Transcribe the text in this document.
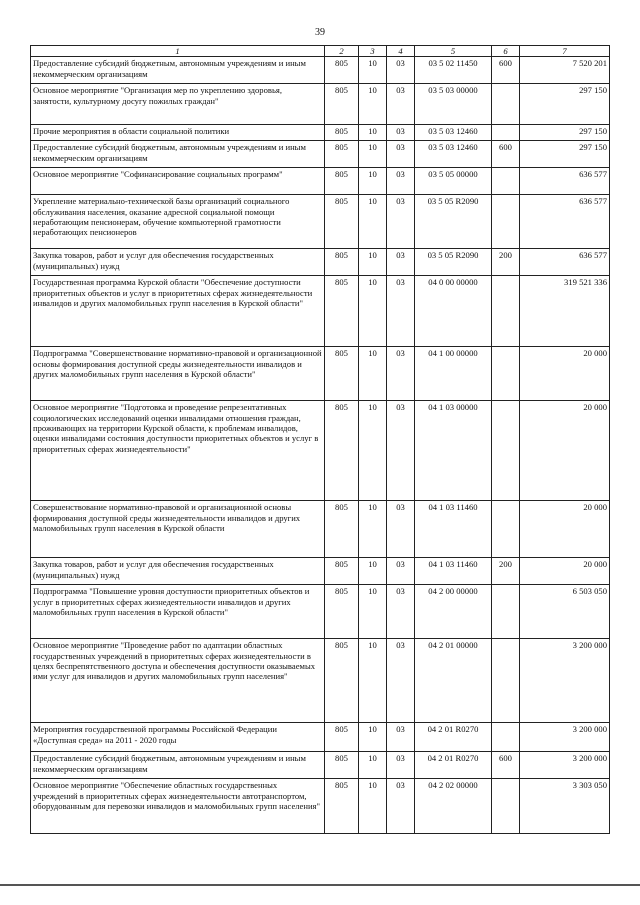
39
1	2	3	4	5	6	7
Предоставление субсидий бюджетным, автономным учреждениям и иным некоммерческим организациям	805	10	03	03 5 02 11450	600	7 520 201
Основное мероприятие "Организация мер по укреплению здоровья, занятости, культурному досугу пожилых граждан"	805	10	03	03 5 03 00000		297 150
Прочие мероприятия в области социальной политики	805	10	03	03 5 03 12460		297 150
Предоставление субсидий бюджетным, автономным учреждениям и иным некоммерческим организациям	805	10	03	03 5 03 12460	600	297 150
Основное мероприятие "Софинансирование социальных программ"	805	10	03	03 5 05 00000		636 577
Укрепление материально-технической базы организаций социального обслуживания населения, оказание адресной социальной помощи неработающим пенсионерам, обучение компьютерной грамотности неработающих пенсионеров	805	10	03	03 5 05 R2090		636 577
Закупка товаров, работ и услуг для обеспечения государственных (муниципальных) нужд	805	10	03	03 5 05 R2090	200	636 577
Государственная программа Курской области "Обеспечение доступности приоритетных объектов и услуг в приоритетных сферах жизнедеятельности инвалидов и других маломобильных групп населения в Курской области"	805	10	03	04 0 00 00000		319 521 336
Подпрограмма "Совершенствование нормативно-правовой и организационной основы формирования доступной среды жизнедеятельности инвалидов и других маломобильных групп населения в Курской области"	805	10	03	04 1 00 00000		20 000
Основное мероприятие "Подготовка и проведение репрезентативных социологических исследований оценки инвалидами отношения граждан, проживающих на территории Курской области, к проблемам инвалидов, оценки инвалидами состояния доступности приоритетных объектов и услуг в приоритетных сферах жизнедеятельности"	805	10	03	04 1 03 00000		20 000
Совершенствование нормативно-правовой и организационной основы формирования доступной среды жизнедеятельности инвалидов и других маломобильных групп населения в Курской области	805	10	03	04 1 03 11460		20 000
Закупка товаров, работ и услуг для обеспечения государственных (муниципальных) нужд	805	10	03	04 1 03 11460	200	20 000
Подпрограмма "Повышение уровня доступности приоритетных объектов и услуг в приоритетных сферах жизнедеятельности инвалидов и других маломобильных групп населения в Курской области"	805	10	03	04 2 00 00000		6 503 050
Основное мероприятие "Проведение работ по адаптации областных государственных учреждений в приоритетных сферах жизнедеятельности в целях беспрепятственного доступа и обеспечения доступности оказываемых ими услуг для инвалидов и других маломобильных групп населения"	805	10	03	04 2 01 00000		3 200 000
Мероприятия государственной программы Российской Федерации «Доступная среда» на 2011 - 2020 годы	805	10	03	04 2 01 R0270		3 200 000
Предоставление субсидий бюджетным, автономным учреждениям и иным некоммерческим организациям	805	10	03	04 2 01 R0270	600	3 200 000
Основное мероприятие "Обеспечение областных государственных учреждений в приоритетных сферах жизнедеятельности автотранспортом, оборудованным для перевозки инвалидов и маломобильных групп населения"	805	10	03	04 2 02 00000		3 303 050
